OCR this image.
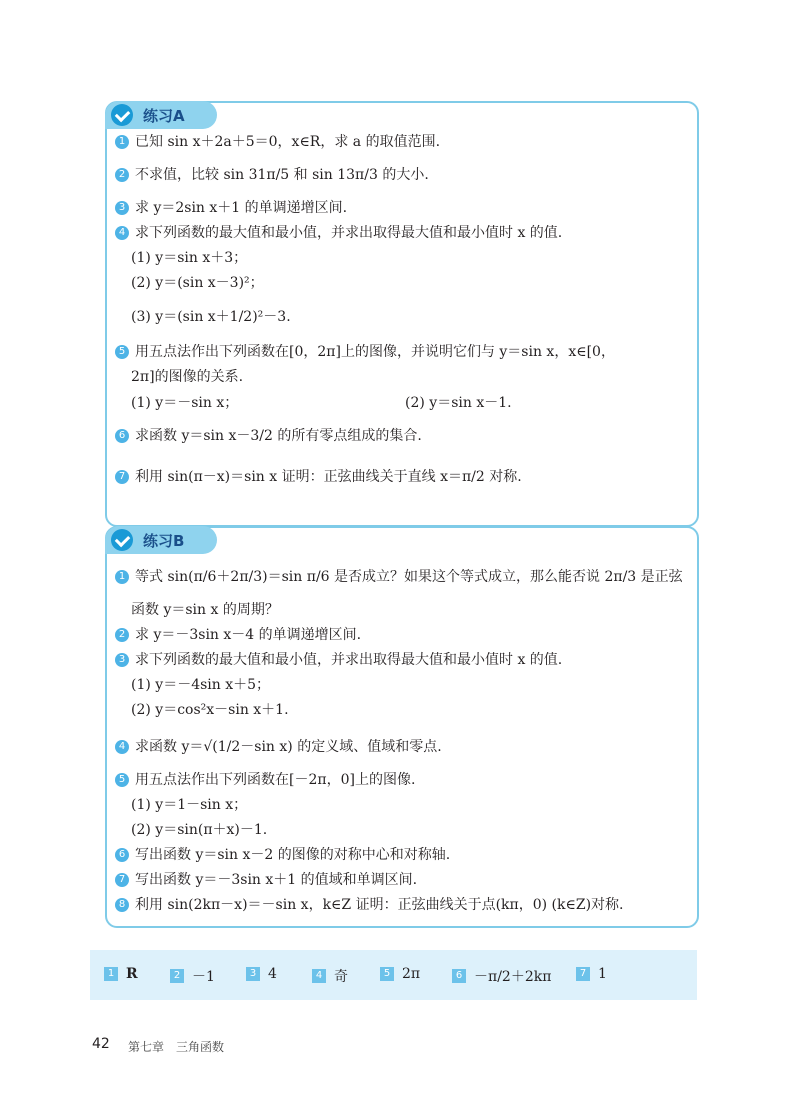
练习A
1 已知 sin x＋2a＋5＝0，x∈R，求 a 的取值范围.
2 不求值，比较 sin 31π/5 和 sin 13π/3 的大小.
3 求 y＝2sin x＋1 的单调递增区间.
4 求下列函数的最大值和最小值，并求出取得最大值和最小值时 x 的值.
(1) y＝sin x＋3；
(2) y＝(sin x－3)²；
(3) y＝(sin x＋1/2)²－3.
5 用五点法作出下列函数在[0，2π]上的图像，并说明它们与 y＝sin x，x∈[0，
2π]的图像的关系.
(1) y＝－sin x；	(2) y＝sin x－1.
6 求函数 y＝sin x－3/2 的所有零点组成的集合.
7 利用 sin(π－x)＝sin x 证明：正弦曲线关于直线 x＝π/2 对称.
练习B
1 等式 sin(π/6＋2π/3)＝sin π/6 是否成立？如果这个等式成立，那么能否说 2π/3 是正弦
函数 y＝sin x 的周期？
2 求 y＝－3sin x－4 的单调递增区间.
3 求下列函数的最大值和最小值，并求出取得最大值和最小值时 x 的值.
(1) y＝－4sin x＋5；
(2) y＝cos²x－sin x＋1.
4 求函数 y＝√(1/2－sin x) 的定义域、值域和零点.
5 用五点法作出下列函数在[－2π，0]上的图像.
(1) y＝1－sin x；
(2) y＝sin(π＋x)－1.
6 写出函数 y＝sin x－2 的图像的对称中心和对称轴.
7 写出函数 y＝－3sin x＋1 的值域和单调区间.
8 利用 sin(2kπ－x)＝－sin x，k∈Z 证明：正弦曲线关于点(kπ，0) (k∈Z)对称.
1 R	2 －1	3 4	4 奇	5 2π	6 －π/2＋2kπ	7 1
42 第七章　三角函数
